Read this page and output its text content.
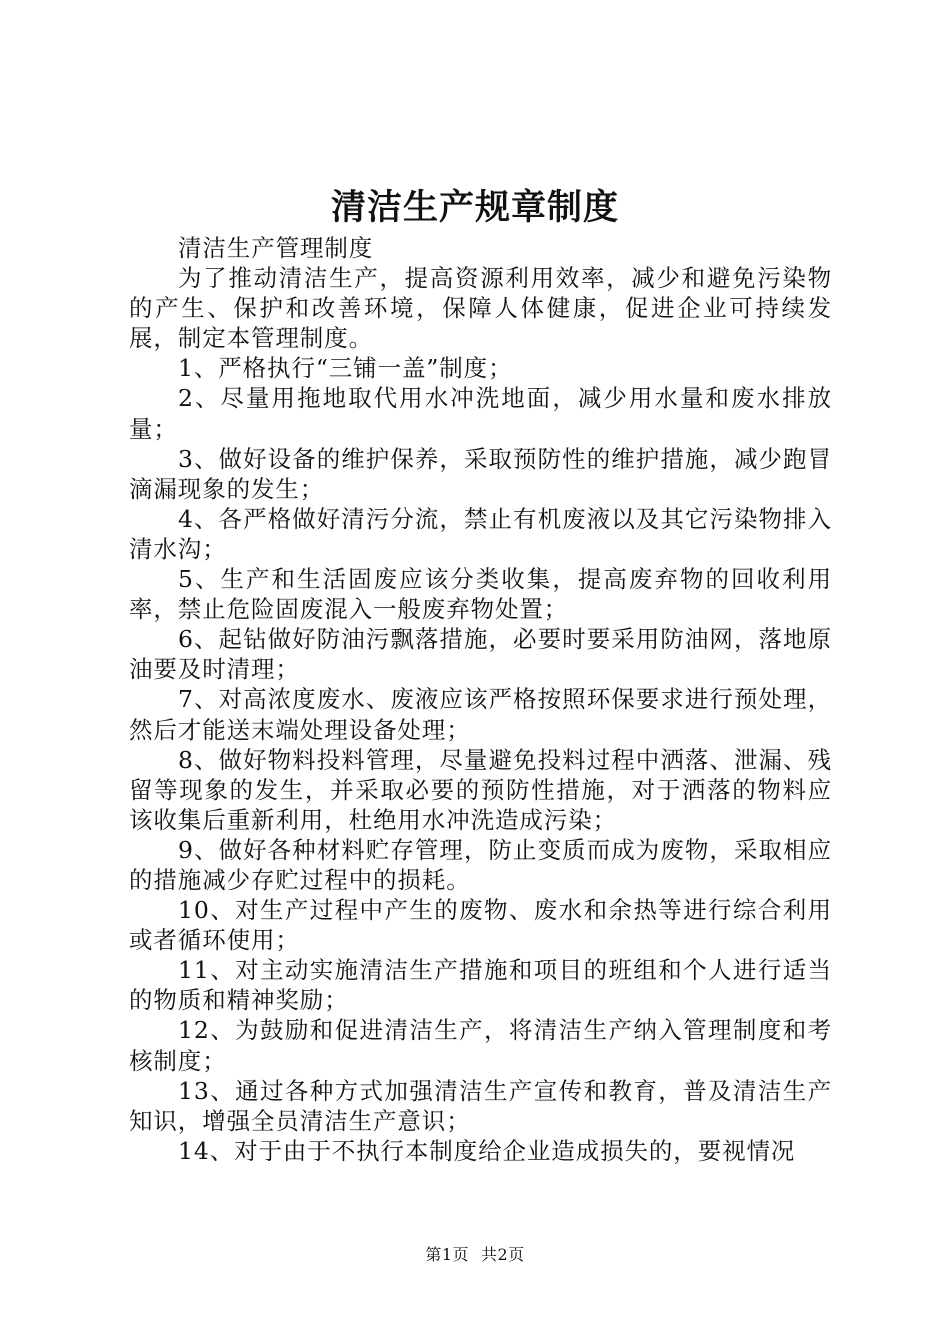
清洁生产规章制度

清洁生产管理制度

为了推动清洁生产，提高资源利用效率，减少和避免污染物的产生、保护和改善环境，保障人体健康，促进企业可持续发展，制定本管理制度。

1、严格执行“三铺一盖”制度；

2、尽量用拖地取代用水冲洗地面，减少用水量和废水排放量；

3、做好设备的维护保养，采取预防性的维护措施，减少跑冒滴漏现象的发生；

4、各严格做好清污分流，禁止有机废液以及其它污染物排入清水沟；

5、生产和生活固废应该分类收集，提高废弃物的回收利用率，禁止危险固废混入一般废弃物处置；

6、起钻做好防油污飘落措施，必要时要采用防油网，落地原油要及时清理；

7、对高浓度废水、废液应该严格按照环保要求进行预处理，然后才能送末端处理设备处理；

8、做好物料投料管理，尽量避免投料过程中洒落、泄漏、残留等现象的发生，并采取必要的预防性措施，对于洒落的物料应该收集后重新利用，杜绝用水冲洗造成污染；

9、做好各种材料贮存管理，防止变质而成为废物，采取相应的措施减少存贮过程中的损耗。

10、对生产过程中产生的废物、废水和余热等进行综合利用或者循环使用；

11、对主动实施清洁生产措施和项目的班组和个人进行适当的物质和精神奖励；

12、为鼓励和促进清洁生产，将清洁生产纳入管理制度和考核制度；

13、通过各种方式加强清洁生产宣传和教育，普及清洁生产知识，增强全员清洁生产意识；

14、对于由于不执行本制度给企业造成损失的，要视情况

第1页 共2页
